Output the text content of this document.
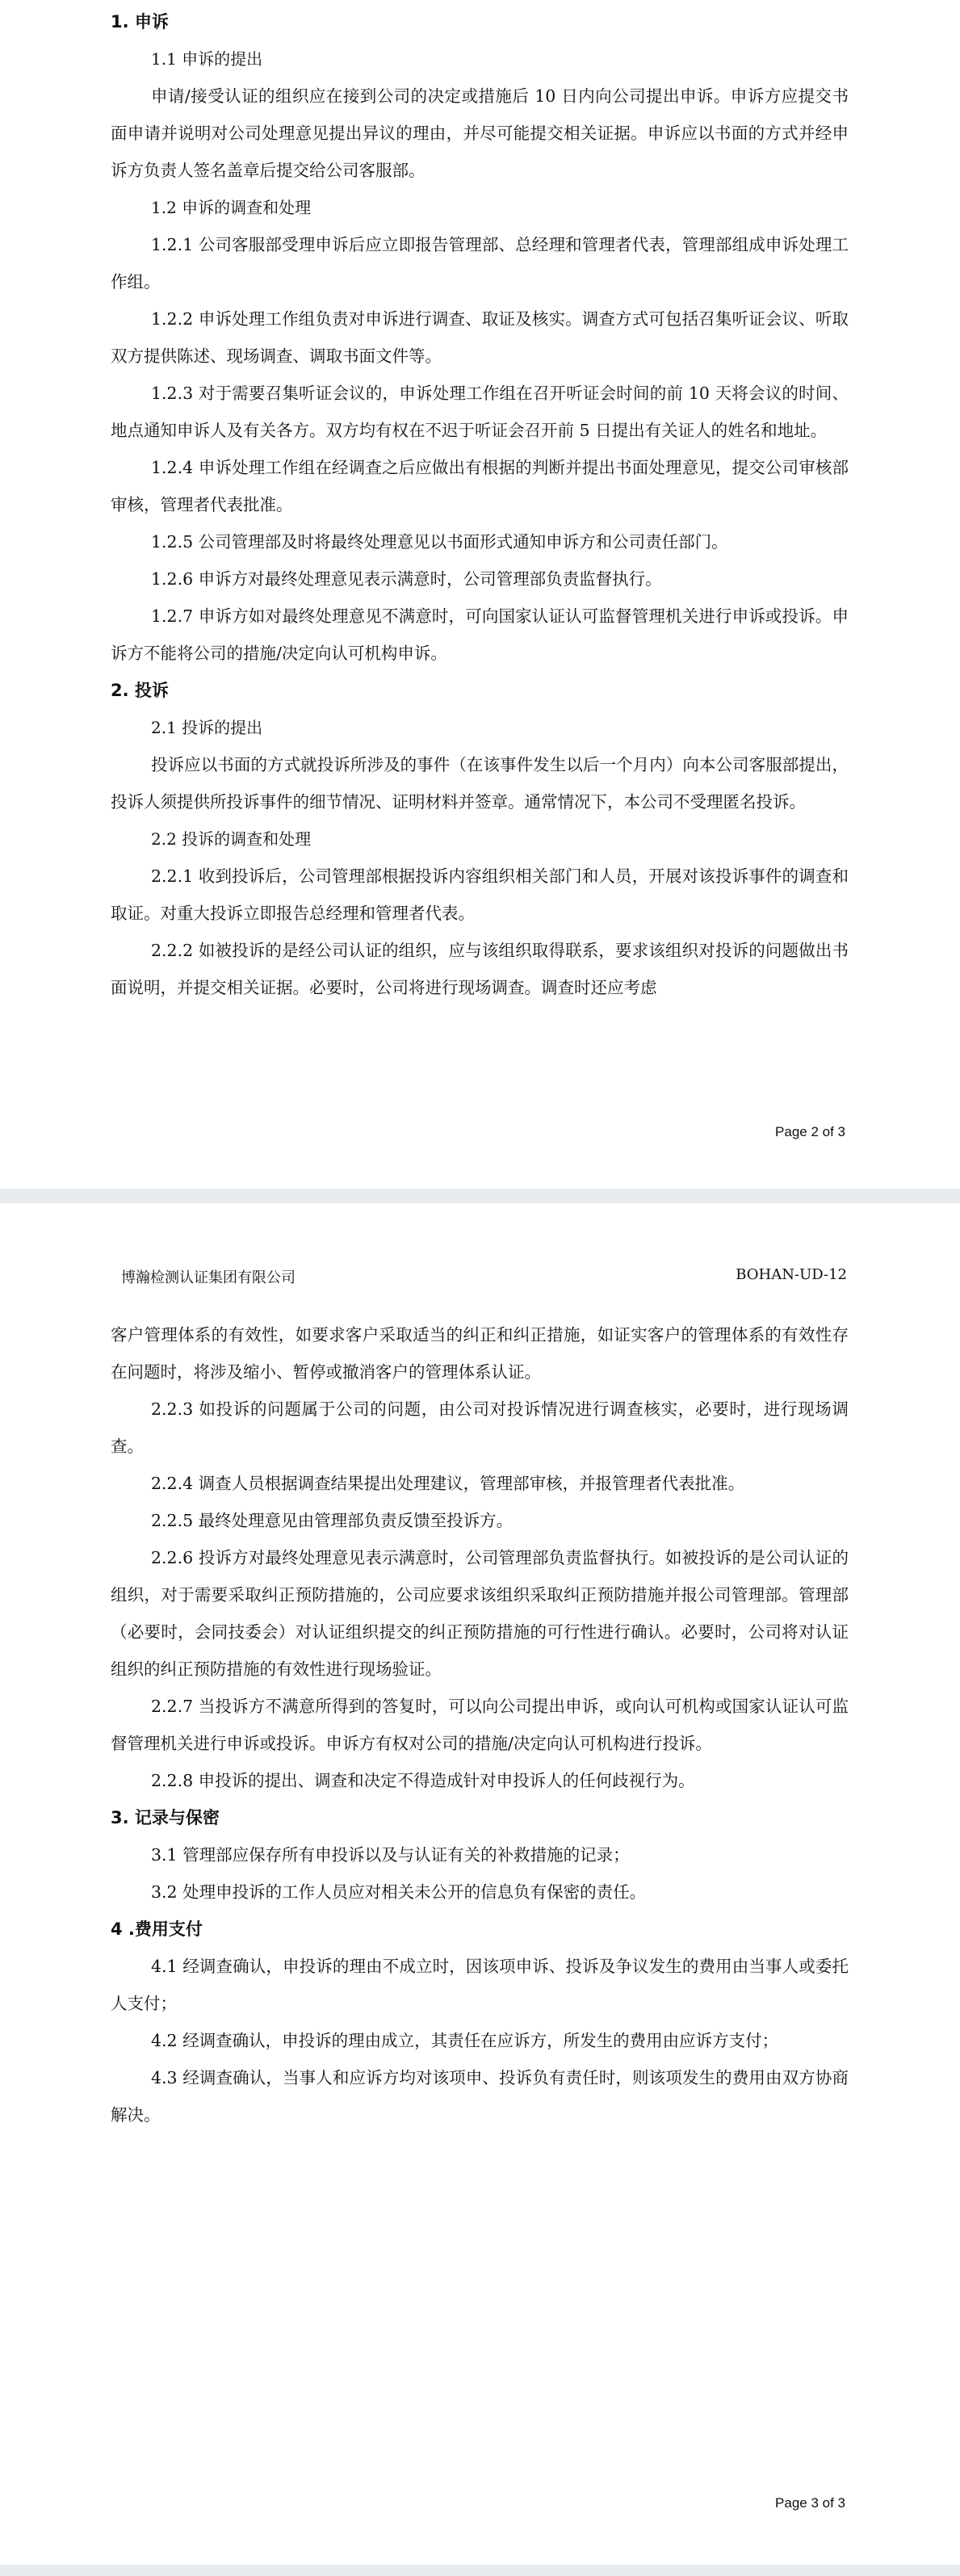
1. 申诉
1.1 申诉的提出

申请/接受认证的组织应在接到公司的决定或措施后 10 日内向公司提出申诉。申诉方应提交书面申请并说明对公司处理意见提出异议的理由，并尽可能提交相关证据。申诉应以书面的方式并经申诉方负责人签名盖章后提交给公司客服部。

1.2 申诉的调查和处理

1.2.1 公司客服部受理申诉后应立即报告管理部、总经理和管理者代表，管理部组成申诉处理工作组。

1.2.2 申诉处理工作组负责对申诉进行调查、取证及核实。调查方式可包括召集听证会议、听取双方提供陈述、现场调查、调取书面文件等。

1.2.3 对于需要召集听证会议的，申诉处理工作组在召开听证会时间的前 10 天将会议的时间、地点通知申诉人及有关各方。双方均有权在不迟于听证会召开前 5 日提出有关证人的姓名和地址。

1.2.4 申诉处理工作组在经调查之后应做出有根据的判断并提出书面处理意见，提交公司审核部审核，管理者代表批准。

1.2.5 公司管理部及时将最终处理意见以书面形式通知申诉方和公司责任部门。

1.2.6 申诉方对最终处理意见表示满意时，公司管理部负责监督执行。

1.2.7 申诉方如对最终处理意见不满意时，可向国家认证认可监督管理机关进行申诉或投诉。申诉方不能将公司的措施/决定向认可机构申诉。

2. 投诉
2.1 投诉的提出

投诉应以书面的方式就投诉所涉及的事件（在该事件发生以后一个月内）向本公司客服部提出，投诉人须提供所投诉事件的细节情况、证明材料并签章。通常情况下，本公司不受理匿名投诉。

2.2 投诉的调查和处理

2.2.1 收到投诉后，公司管理部根据投诉内容组织相关部门和人员，开展对该投诉事件的调查和取证。对重大投诉立即报告总经理和管理者代表。

2.2.2 如被投诉的是经公司认证的组织，应与该组织取得联系，要求该组织对投诉的问题做出书面说明，并提交相关证据。必要时，公司将进行现场调查。调查时还应考虑

Page 2 of 3
博瀚检测认证集团有限公司	BOHAN-UD-12

客户管理体系的有效性，如要求客户采取适当的纠正和纠正措施，如证实客户的管理体系的有效性存在问题时，将涉及缩小、暂停或撤消客户的管理体系认证。

2.2.3 如投诉的问题属于公司的问题，由公司对投诉情况进行调查核实，必要时，进行现场调查。

2.2.4 调查人员根据调查结果提出处理建议，管理部审核，并报管理者代表批准。

2.2.5 最终处理意见由管理部负责反馈至投诉方。

2.2.6 投诉方对最终处理意见表示满意时，公司管理部负责监督执行。如被投诉的是公司认证的组织，对于需要采取纠正预防措施的，公司应要求该组织采取纠正预防措施并报公司管理部。管理部（必要时，会同技委会）对认证组织提交的纠正预防措施的可行性进行确认。必要时，公司将对认证组织的纠正预防措施的有效性进行现场验证。

2.2.7 当投诉方不满意所得到的答复时，可以向公司提出申诉，或向认可机构或国家认证认可监督管理机关进行申诉或投诉。申诉方有权对公司的措施/决定向认可机构进行投诉。

2.2.8 申投诉的提出、调查和决定不得造成针对申投诉人的任何歧视行为。

3. 记录与保密

3.1 管理部应保存所有申投诉以及与认证有关的补救措施的记录；

3.2 处理申投诉的工作人员应对相关未公开的信息负有保密的责任。

4 .费用支付

4.1 经调查确认，申投诉的理由不成立时，因该项申诉、投诉及争议发生的费用由当事人或委托人支付；

4.2 经调查确认，申投诉的理由成立，其责任在应诉方，所发生的费用由应诉方支付；

4.3 经调查确认，当事人和应诉方均对该项申、投诉负有责任时，则该项发生的费用由双方协商解决。

Page 3 of 3
